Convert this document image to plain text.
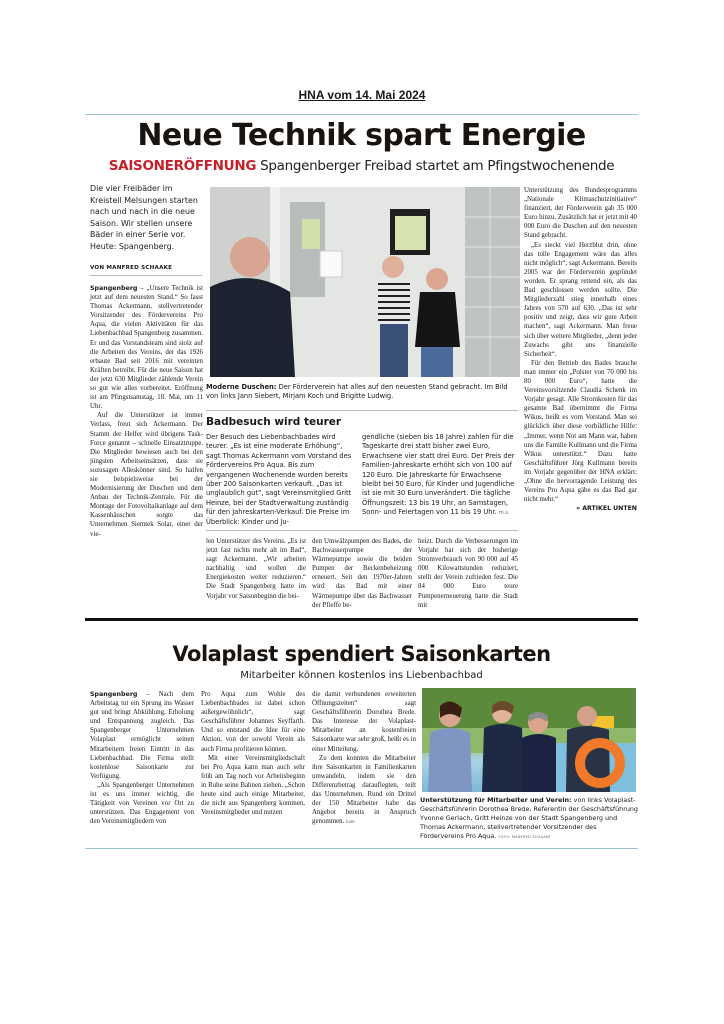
HNA vom 14. Mai 2024
Neue Technik spart Energie
SAISONERÖFFNUNG Spangenberger Freibad startet am Pfingstwochenende
Die vier Freibäder im Kreisteil Melsungen starten nach und nach in die neue Saison. Wir stellen unsere Bäder in einer Serie vor. Heute: Spangenberg.
VON MANFRED SCHAAKE

Spangenberg – „Unsere Technik ist jetzt auf dem neuesten Stand.“ So fasst Thomas Ackermann, stellvertretender Vorsitzender des Fördervereins Pro Aqua, die vielen Aktivitäten für das Liebenbachbad Spangenberg zusammen. Er und das Vorstandsteam sind stolz auf die Arbeiten des Vereins, der das 1926 erbaute Bad seit 2016 mit vereinten Kräften betreibt. Für die neue Saison hat der jetzt 630 Mitglieder zählende Verein so gut wie alles vorbereitet. Eröffnung ist am Pfingstsamstag, 18. Mai, um 11 Uhr.

Auf die Unterstützer ist immer Verlass, freut sich Ackermann. Der Stamm der Helfer wird übrigens Task-Force genannt – schnelle Einsatztruppe. Die Mitglieder bewiesen auch bei den jüngsten Arbeitseinsätzen, dass sie sozusagen Alleskönner sind. So halfen sie beispielsweise bei der Modernisierung der Duschen und dem Anbau der Technik-Zentrale. Für die Montage der Fotovoltaikanlage auf dem Kassenhäuschen sorgte das Unternehmen Siemtek Solar, einer der vie-

Moderne Duschen: Der Förderverein hat alles auf den neuesten Stand gebracht. Im Bild von links Jann Siebert, Mirjam Koch und Brigitte Ludwig.
Badbesuch wird teurer
Der Besuch des Liebenbachbades wird teurer. „Es ist eine moderate Erhöhung“, sagt Thomas Ackermann vom Vorstand des Fördervereins Pro Aqua. Bis zum vergangenen Wochenende wurden bereits über 200 Saisonkarten verkauft. „Das ist unglaublich gut“, sagt Vereinsmitglied Gritt Heinze, bei der Stadtverwaltung zuständig für den Jahreskarten-Verkauf. Die Preise im Überblick: Kinder und Ju-
gendliche (sieben bis 18 Jahre) zahlen für die Tageskarte drei statt bisher zwei Euro, Erwachsene vier statt drei Euro. Der Preis der Familien-Jahreskarte erhöht sich von 100 auf 120 Euro. Die Jahreskarte für Erwachsene bleibt bei 50 Euro, für Kinder und Jugendliche ist sie mit 30 Euro unverändert. Die tägliche Öffnungszeit: 13 bis 19 Uhr, an Samstagen, Sonn- und Feiertagen von 11 bis 19 Uhr. m.s.

len Unterstützer des Vereins. „Es ist jetzt fast nichts mehr alt im Bad“, sagt Ackermann. „Wir arbeiten nachhaltig und wollen die Energiekosten weiter reduzieren.“ Die Stadt Spangenberg hatte im Vorjahr vor Saisonbeginn die bei-

den Umwälzpumpen des Bades, die Bachwasserpumpe der Wärmepumpe sowie die beiden Pumpen der Beckenbeheizung erneuert. Seit den 1970er-Jahren wird das Bad mit einer Wärmepumpe über das Bachwasser der Pfieffe be-

heizt. Durch die Verbesserungen im Vorjahr hat sich der bisherige Stromverbrauch von 90 000 auf 45 000 Kilowattstunden reduziert, stellt der Verein zufrieden fest. Die 84 000 Euro teure Pumpenerneuerung hatte die Stadt mit

Unterstützung des Bundesprogramms „Nationale Klimaschutzinitiative“ finanziert, der Förderverein gab 35 000 Euro hinzu. Zusätzlich hat er jetzt mit 40 000 Euro die Duschen auf den neuesten Stand gebracht.

„Es steckt viel Herzblut drin, ohne das tolle Engagement wäre das alles nicht möglich“, sagt Ackermann. Bereits 2005 war der Förderverein gegründet worden. Er sprang rettend ein, als das Bad geschlossen werden sollte. Die Mitgliederzahl stieg innerhalb eines Jahres von 570 auf 630. „Das ist sehr positiv und zeigt, dass wir gute Arbeit machen“, sagt Ackermann. Man freue sich über weitere Mitglieder, „denn jeder Zuwachs gibt uns finanzielle Sicherheit“.

Für den Betrieb des Bades brauche man immer ein „Polster von 70 000 bis 80 000 Euro“, hatte die Vereinsvorsitzende Claudia Schenk im Vorjahr gesagt. Alle Stromkosten für das gesamte Bad übernimmt die Firma Wikus, heißt es vom Vorstand. Man sei glücklich über diese vorbildliche Hilfe: „Immer, wenn Not am Mann war, haben uns die Familie Kullmann und die Firma Wikus unterstützt.“ Dazu hatte Geschäftsführer Jörg Kullmann bereits im Vorjahr gegenüber der HNA erklärt: „Ohne die hervorragende Leistung des Vereins Pro Aqua gäbe es das Bad gar nicht mehr.“

» ARTIKEL UNTEN
Volaplast spendiert Saisonkarten
Mitarbeiter können kostenlos ins Liebenbachbad

Spangenberg – Nach dem Arbeitstag tut ein Sprung ins Wasser gut und bringt Abkühlung, Erholung und Entspannung zugleich. Das Spangenberger Unternehmen Volaplast ermöglicht seinen Mitarbeitern freien Eintritt in das Liebenbachbad. Die Firma stellt kostenlose Saisonkarte zur Verfügung.

„Als Spangenberger Unternehmen ist es uns immer wichtig, die Tätigkeit von Vereinen vor Ort zu unterstützen. Das Engagement von den Vereinsmitgliedern von

Pro Aqua zum Wohle des Liebenbachbades ist dabei schon außergewöhnlich“, sagt Geschäftsführer Johannes Seyffarth. Und so entstand die Idee für eine Aktion, von der sowohl Verein als auch Firma profitieren können.

Mit einer Vereinsmitgliedschaft bei Pro Aqua kann man auch sehr früh am Tag noch vor Arbeitsbeginn in Ruhe seine Bahnen ziehen. „Schon heute sind auch einige Mitarbeiter, die nicht aus Spangenberg kommen, Vereinsmitglieder und nutzen

die damit verbundenen erweiterten Öffnungszeiten“ sagt Geschäftsführerin Dorothea Brede. Das Interesse der Volaplast-Mitarbeiter an kostenfreien Saisonkarte war sehr groß, heißt es in einer Mitteilung.

Zu dem konnten die Mitarbeiter ihre Saisonkarten in Familienkarten umwandeln, indem sie den Differenzbetrag darauflegten, teilt das Unternehmen. Rund ein Drittel der 150 Mitarbeiter habe das Angebot bereits in Anspruch genommen. kam

Unterstützung für Mitarbeiter und Verein: von links Volaplast-Geschäftsführerin Dorothea Brede, Referentin der Geschäftsführung Yvonne Gerlach, Gritt Heinze von der Stadt Spangenberg und Thomas Ackermann, stellvertretender Vorsitzender des Fördervereins Pro Aqua. FOTO: MANFRED SCHAAKE
